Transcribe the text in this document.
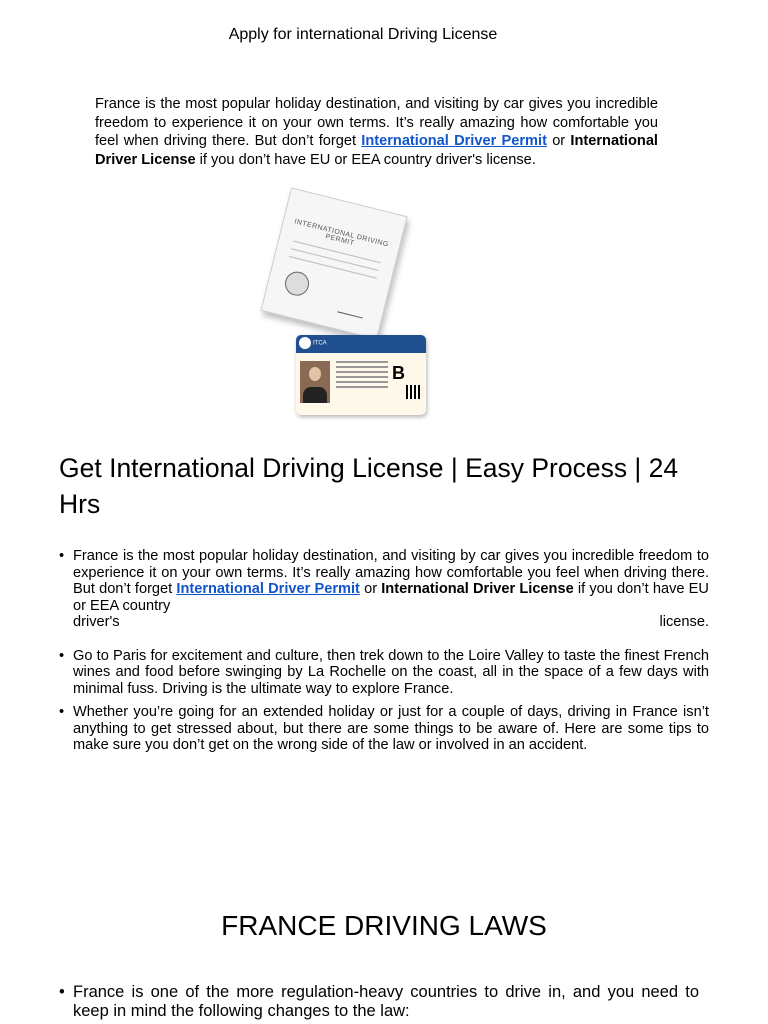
Apply for international Driving License

France is the most popular holiday destination, and visiting by car gives you incredible freedom to experience it on your own terms. It’s really amazing how comfortable you feel when driving there. But don’t forget International Driver Permit or International Driver License if you don’t have EU or EEA country driver's license.

INTERNATIONAL DRIVING PERMIT
ITCA
B
Get International Driving License | Easy Process | 24 Hrs
• France is the most popular holiday destination, and visiting by car gives you incredible freedom to experience it on your own terms. It’s really amazing how comfortable you feel when driving there. But don’t forget International Driver Permit or International Driver License if you don’t have EU or EEA country
driver's	license.
• Go to Paris for excitement and culture, then trek down to the Loire Valley to taste the finest French wines and food before swinging by La Rochelle on the coast, all in the space of a few days with minimal fuss. Driving is the ultimate way to explore France.
• Whether you’re going for an extended holiday or just for a couple of days, driving in France isn’t anything to get stressed about, but there are some things to be aware of. Here are some tips to make sure you don’t get on the wrong side of the law or involved in an accident.
FRANCE DRIVING LAWS
• France is one of the more regulation-heavy countries to drive in, and you need to keep in mind the following changes to the law:
